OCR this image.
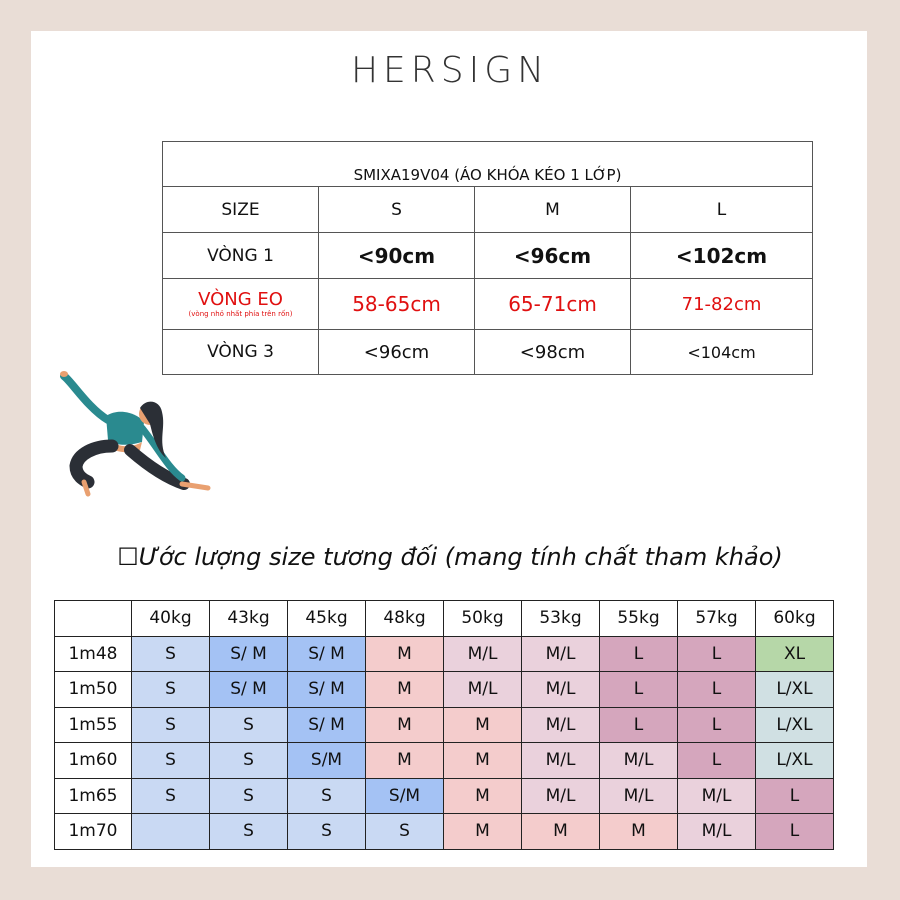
HERSIGN
SMIXA19V04 (ÁO KHÓA KÉO 1 LỚP)			
SIZE	S	M	L
VÒNG 1	<90cm	<96cm	<102cm
VÒNG EO
(vòng nhỏ nhất phía trên rốn)	58-65cm	65-71cm	71-82cm
VÒNG 3	<96cm	<98cm	<104cm
☐Ước lượng size tương đối (mang tính chất tham khảo)
	40kg	43kg	45kg	48kg	50kg	53kg	55kg	57kg	60kg
1m48	S	S/ M	S/ M	M	M/L	M/L	L	L	XL
1m50	S	S/ M	S/ M	M	M/L	M/L	L	L	L/XL
1m55	S	S	S/ M	M	M	M/L	L	L	L/XL
1m60	S	S	S/M	M	M	M/L	M/L	L	L/XL
1m65	S	S	S	S/M	M	M/L	M/L	M/L	L
1m70		S	S	S	M	M	M	M/L	L
